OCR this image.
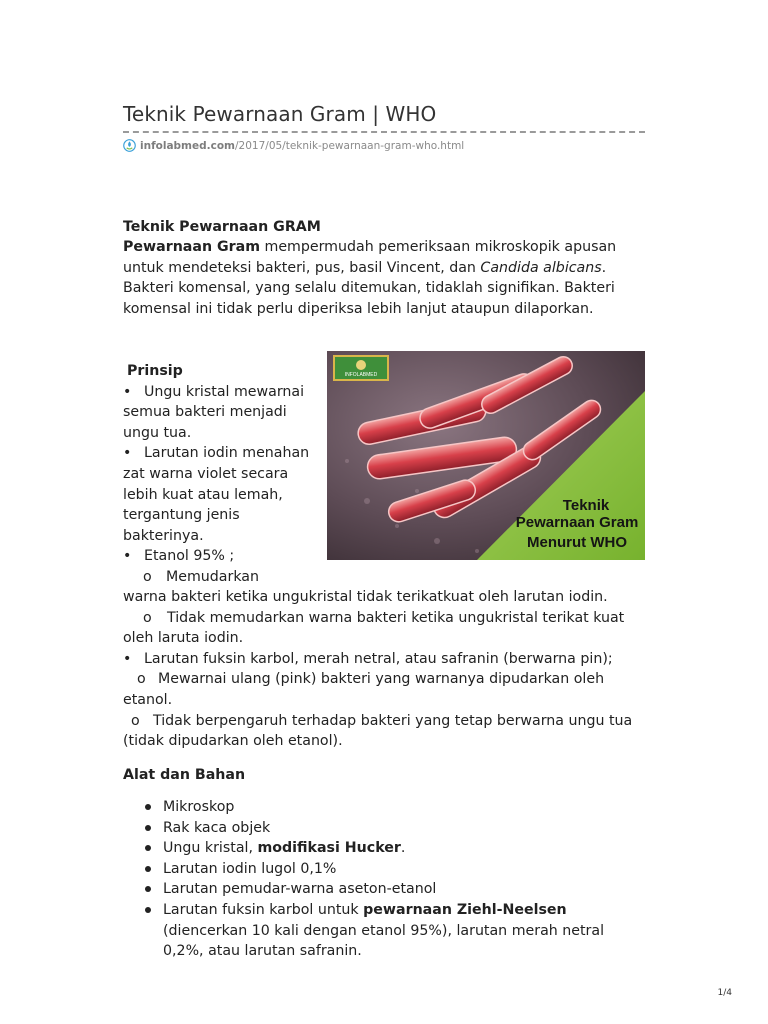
Teknik Pewarnaan Gram | WHO
infolabmed.com/2017/05/teknik-pewarnaan-gram-who.html
Teknik Pewarnaan GRAM
Pewarnaan Gram mempermudah pemeriksaan mikroskopik apusan untuk mendeteksi bakteri, pus, basil Vincent, dan Candida albicans. Bakteri komensal, yang selalu ditemukan, tidaklah signifikan. Bakteri komensal ini tidak perlu diperiksa lebih lanjut ataupun dilaporkan.
Prinsip
• Ungu kristal mewarnai semua bakteri menjadi ungu tua.
• Larutan iodin menahan zat warna violet secara lebih kuat atau lemah, tergantung jenis bakterinya.
• Etanol 95% ;
o Memudarkan
warna bakteri ketika ungukristal tidak terikatkuat oleh larutan iodin.
o Tidak memudarkan warna bakteri ketika ungukristal terikat kuat oleh laruta iodin.
• Larutan fuksin karbol, merah netral, atau safranin (berwarna pin);
o Mewarnai ulang (pink) bakteri yang warnanya dipudarkan oleh etanol.
o Tidak berpengaruh terhadap bakteri yang tetap berwarna ungu tua (tidak dipudarkan oleh etanol).
INFOLABMED
Teknik
Pewarnaan Gram
Menurut WHO
Alat dan Bahan
Mikroskop
Rak kaca objek
Ungu kristal, modifikasi Hucker.
Larutan iodin lugol 0,1%
Larutan pemudar-warna aseton-etanol
Larutan fuksin karbol untuk pewarnaan Ziehl-Neelsen (diencerkan 10 kali dengan etanol 95%), larutan merah netral 0,2%, atau larutan safranin.
1/4
